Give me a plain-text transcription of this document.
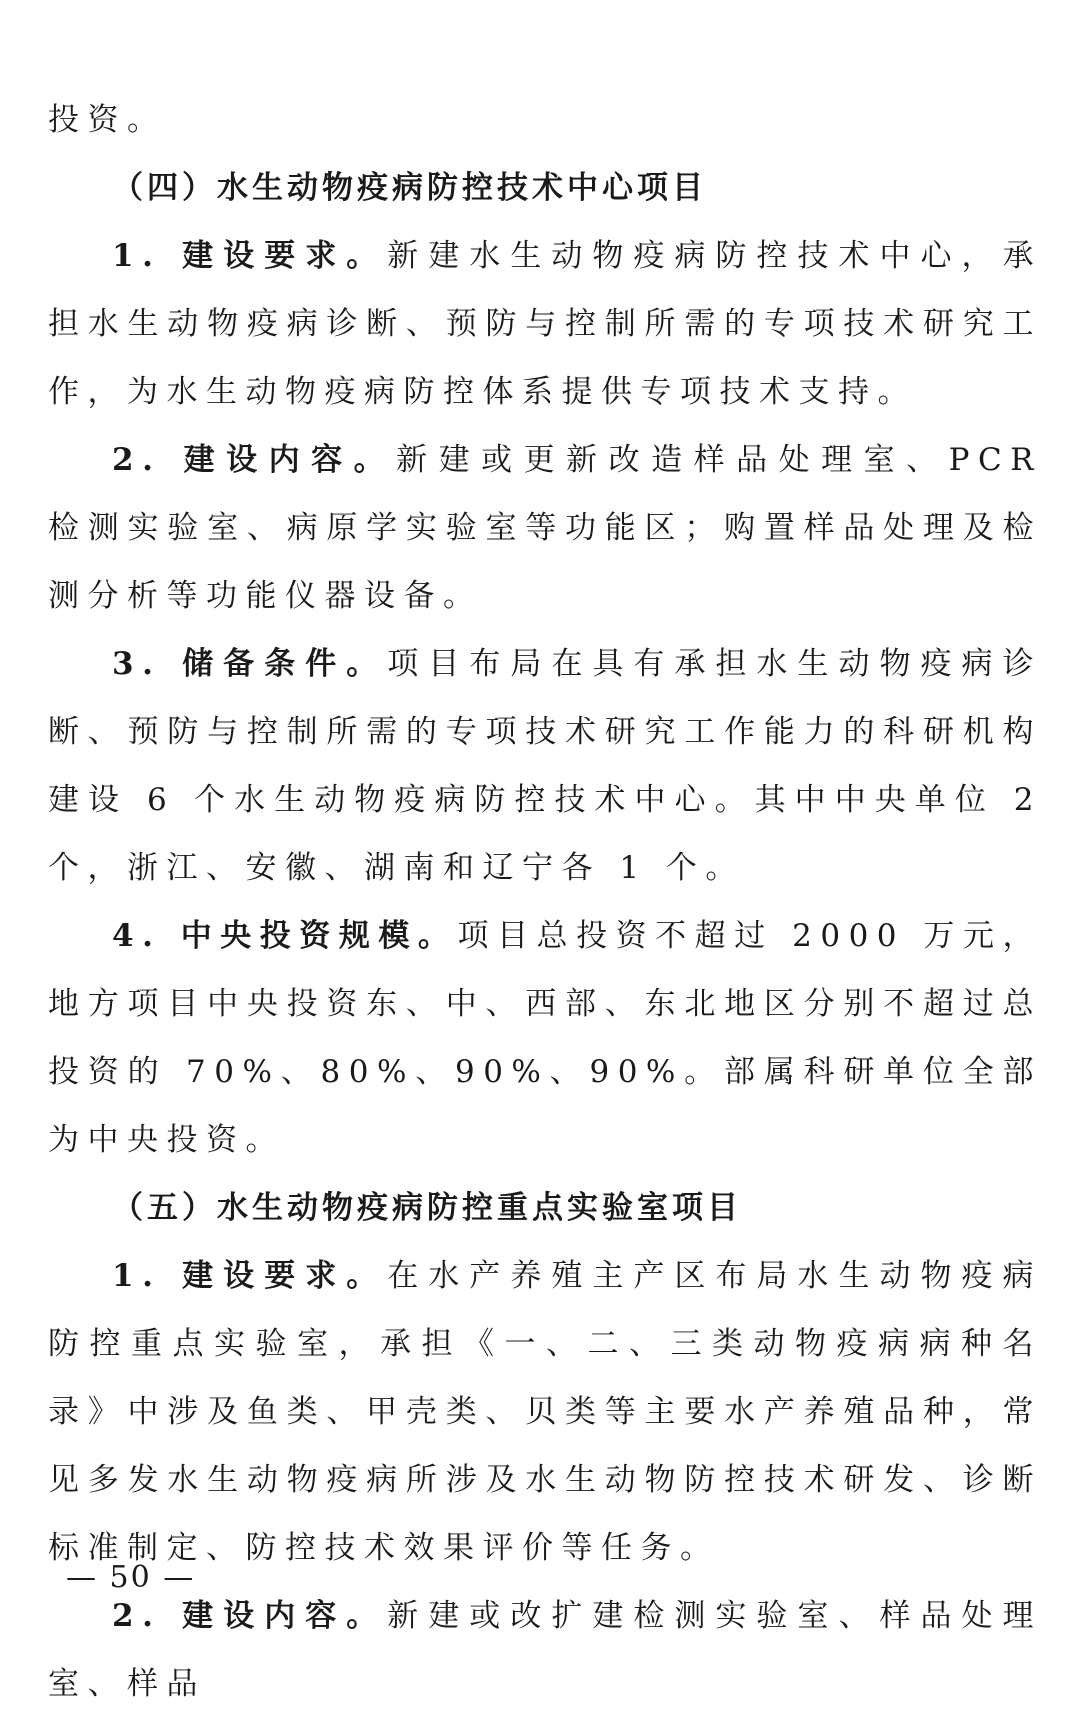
投资。

（四）水生动物疫病防控技术中心项目

1. 建设要求。新建水生动物疫病防控技术中心，承担水生动物疫病诊断、预防与控制所需的专项技术研究工作，为水生动物疫病防控体系提供专项技术支持。

2. 建设内容。新建或更新改造样品处理室、PCR 检测实验室、病原学实验室等功能区；购置样品处理及检测分析等功能仪器设备。

3. 储备条件。项目布局在具有承担水生动物疫病诊断、预防与控制所需的专项技术研究工作能力的科研机构建设 6 个水生动物疫病防控技术中心。其中中央单位 2 个，浙江、安徽、湖南和辽宁各 1 个。

4. 中央投资规模。项目总投资不超过 2000 万元，地方项目中央投资东、中、西部、东北地区分别不超过总投资的 70%、80%、90%、90%。部属科研单位全部为中央投资。

（五）水生动物疫病防控重点实验室项目

1. 建设要求。在水产养殖主产区布局水生动物疫病防控重点实验室，承担《一、二、三类动物疫病病种名录》中涉及鱼类、甲壳类、贝类等主要水产养殖品种，常见多发水生动物疫病所涉及水生动物防控技术研发、诊断标准制定、防控技术效果评价等任务。

2. 建设内容。新建或改扩建检测实验室、样品处理室、样品

— 50 —
